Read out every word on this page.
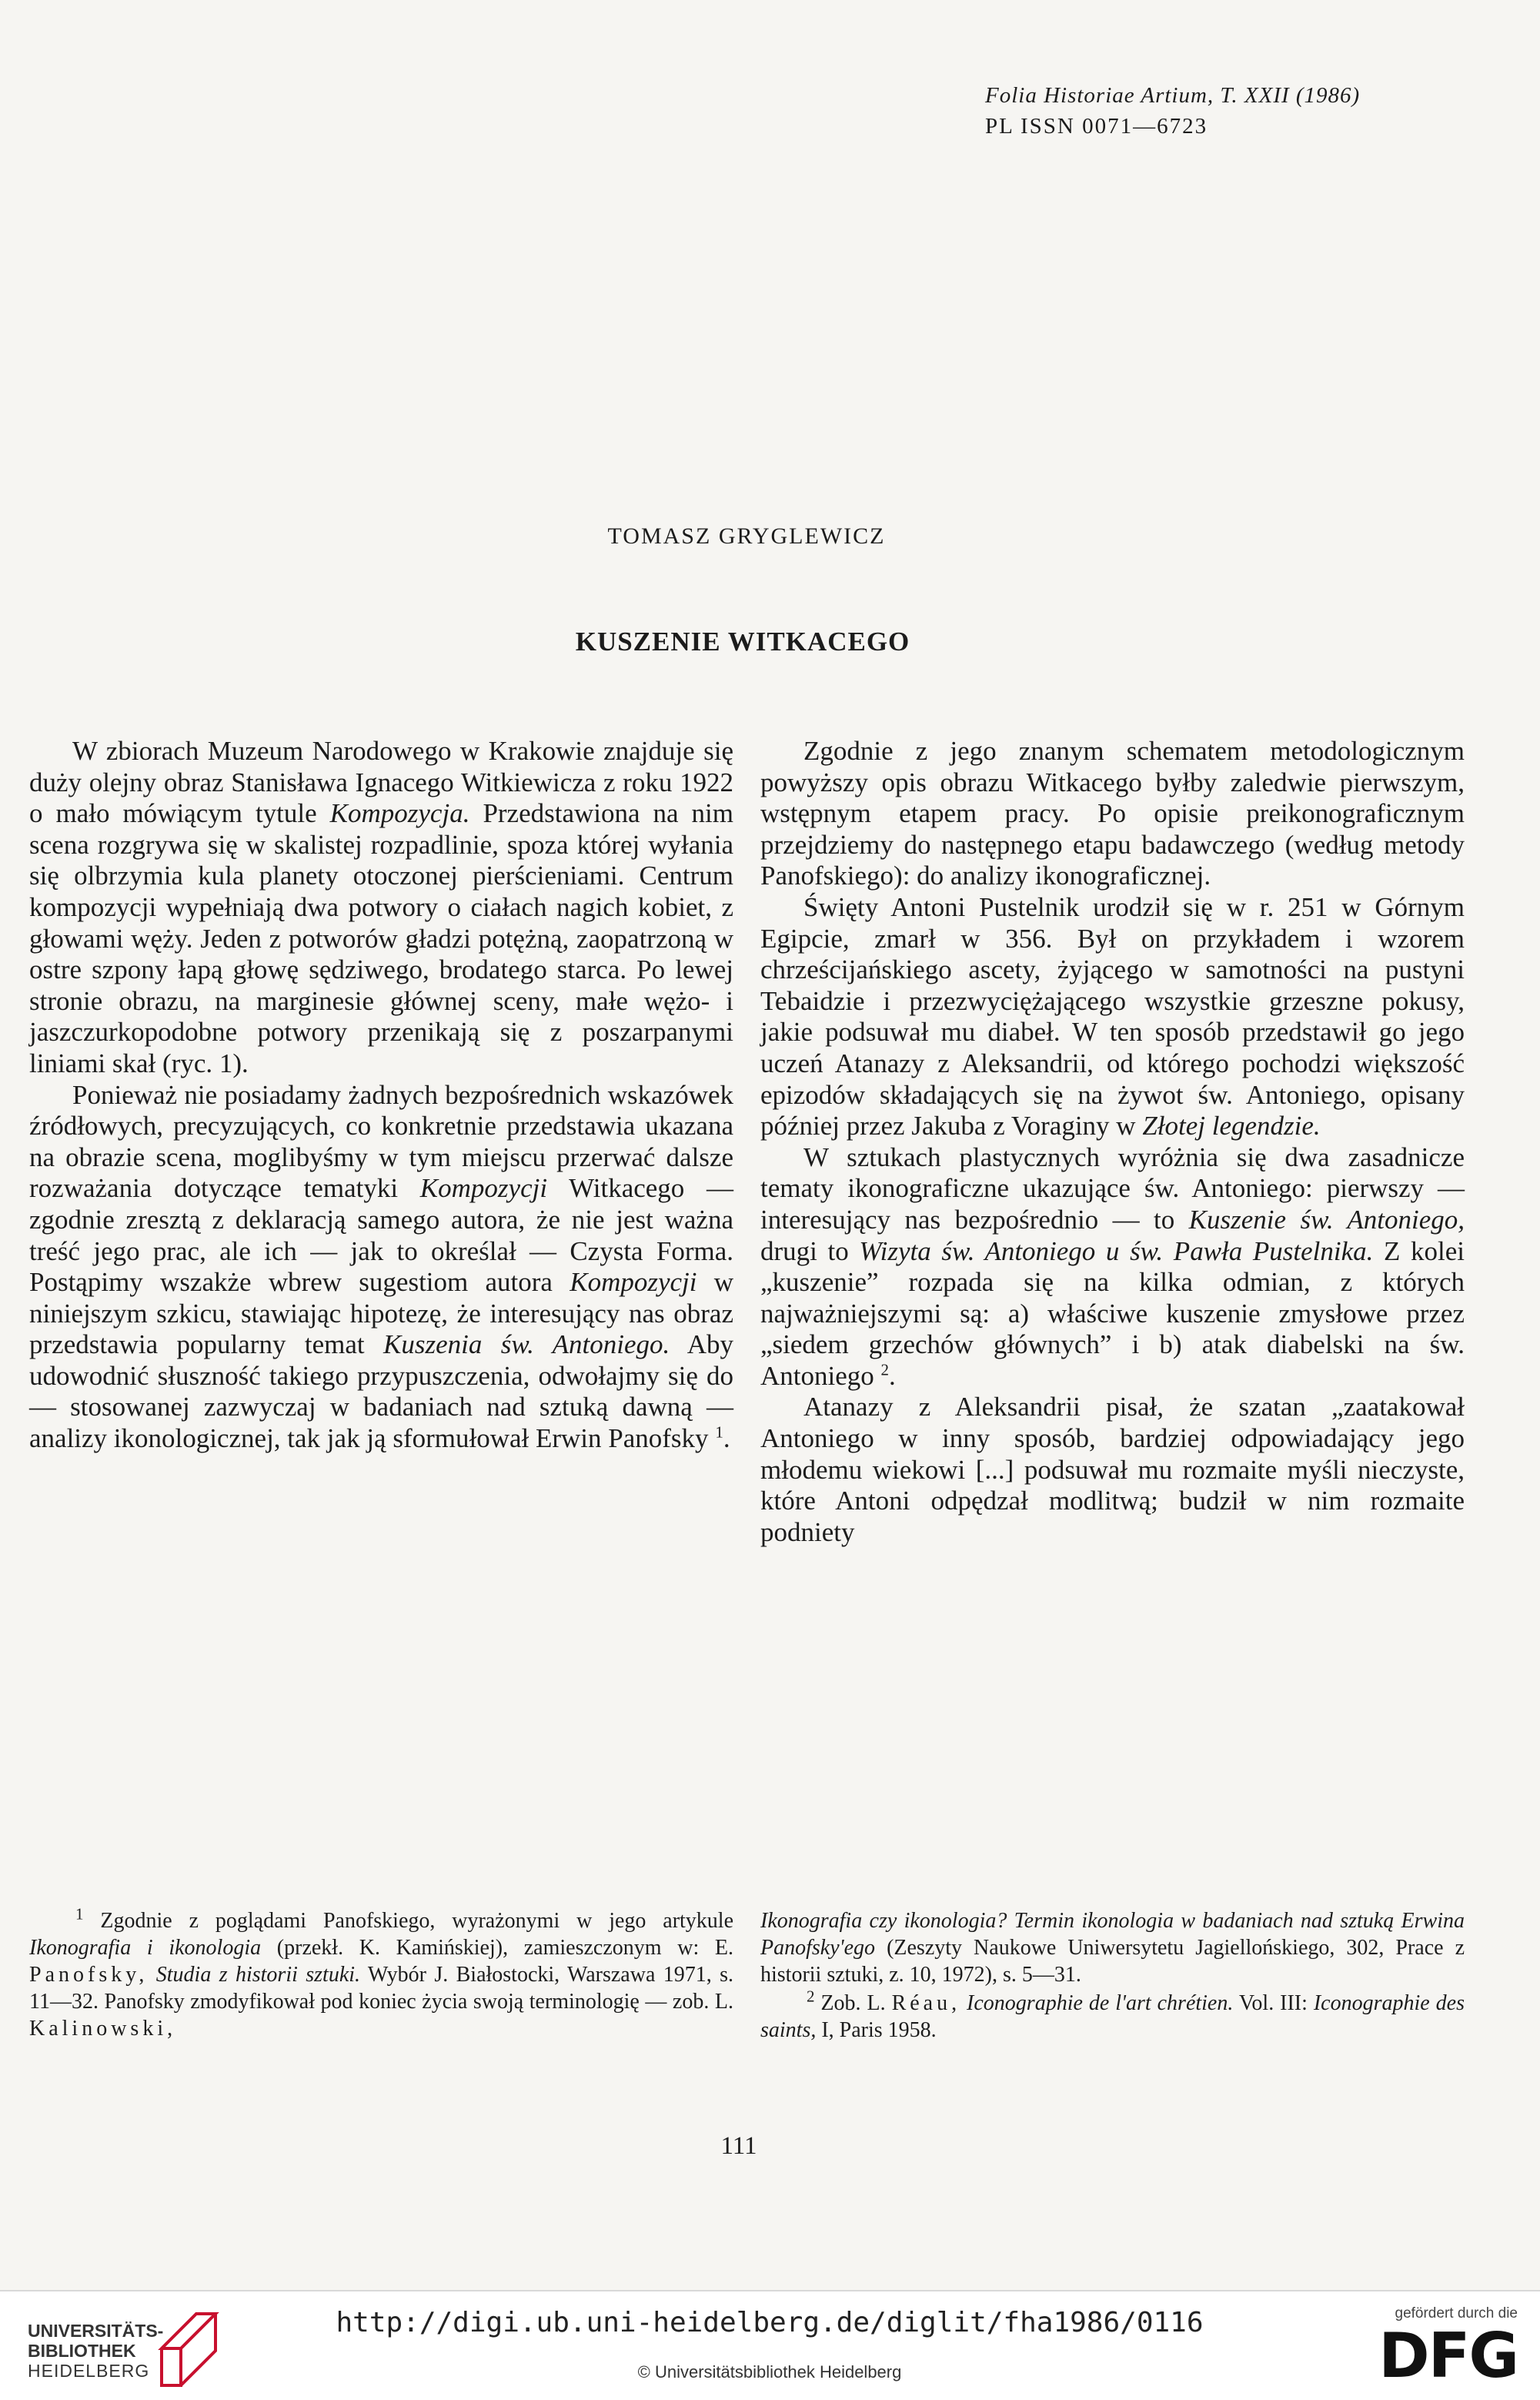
Folia Historiae Artium, T. XXII (1986)
PL ISSN 0071—6723
TOMASZ GRYGLEWICZ
KUSZENIE WITKACEGO

W zbiorach Muzeum Narodowego w Krakowie znajduje się duży olejny obraz Stanisława Ignacego Witkiewicza z roku 1922 o mało mówiącym tytule Kompozycja. Przedstawiona na nim scena rozgrywa się w skalistej rozpadlinie, spoza której wyłania się olbrzymia kula planety otoczonej pierścieniami. Centrum kompozycji wypełniają dwa potwory o ciałach nagich kobiet, z głowami węży. Jeden z potworów gładzi potężną, zaopatrzoną w ostre szpony łapą głowę sędziwego, brodatego starca. Po lewej stronie obrazu, na marginesie głównej sceny, małe wężo- i jaszczurkopodobne potwory przenikają się z poszarpanymi liniami skał (ryc. 1).

Ponieważ nie posiadamy żadnych bezpośrednich wskazówek źródłowych, precyzujących, co konkretnie przedstawia ukazana na obrazie scena, moglibyśmy w tym miejscu przerwać dalsze rozważania dotyczące tematyki Kompozycji Witkacego — zgodnie zresztą z deklaracją samego autora, że nie jest ważna treść jego prac, ale ich — jak to określał — Czysta Forma. Postąpimy wszakże wbrew sugestiom autora Kompozycji w niniejszym szkicu, stawiając hipotezę, że interesujący nas obraz przedstawia popularny temat Kuszenia św. Antoniego. Aby udowodnić słuszność takiego przypuszczenia, odwołajmy się do — stosowanej zazwyczaj w badaniach nad sztuką dawną — analizy ikonologicznej, tak jak ją sformułował Erwin Panofsky $^1$.

Zgodnie z jego znanym schematem metodologicznym powyższy opis obrazu Witkacego byłby zaledwie pierwszym, wstępnym etapem pracy. Po opisie preikonograficznym przejdziemy do następnego etapu badawczego (według metody Panofskiego): do analizy ikonograficznej.

Święty Antoni Pustelnik urodził się w r. 251 w Górnym Egipcie, zmarł w 356. Był on przykładem i wzorem chrześcijańskiego ascety, żyjącego w samotności na pustyni Tebaidzie i przezwyciężającego wszystkie grzeszne pokusy, jakie podsuwał mu diabeł. W ten sposób przedstawił go jego uczeń Atanazy z Aleksandrii, od którego pochodzi większość epizodów składających się na żywot św. Antoniego, opisany później przez Jakuba z Voraginy w Złotej legendzie.

W sztukach plastycznych wyróżnia się dwa zasadnicze tematy ikonograficzne ukazujące św. Antoniego: pierwszy — interesujący nas bezpośrednio — to Kuszenie św. Antoniego, drugi to Wizyta św. Antoniego u św. Pawła Pustelnika. Z kolei „kuszenie” rozpada się na kilka odmian, z których najważniejszymi są: a) właściwe kuszenie zmysłowe przez „siedem grzechów głównych” i b) atak diabelski na św. Antoniego $^2$.

Atanazy z Aleksandrii pisał, że szatan „zaatakował Antoniego w inny sposób, bardziej odpowiadający jego młodemu wiekowi [...] podsuwał mu rozmaite myśli nieczyste, które Antoni odpędzał modlitwą; budził w nim rozmaite podniety

$^1$ Zgodnie z poglądami Panofskiego, wyrażonymi w jego artykule Ikonografia i ikonologia (przekł. K. Kamińskiej), zamieszczonym w: E. Panofsky, Studia z historii sztuki. Wybór J. Białostocki, Warszawa 1971, s. 11—32. Panofsky zmodyfikował pod koniec życia swoją terminologię — zob. L. Kalinowski,

Ikonografia czy ikonologia? Termin ikonologia w badaniach nad sztuką Erwina Panofsky'ego (Zeszyty Naukowe Uniwersytetu Jagiellońskiego, 302, Prace z historii sztuki, z. 10, 1972), s. 5—31.

$^2$ Zob. L. Réau, Iconographie de l'art chrétien. Vol. III: Iconographie des saints, I, Paris 1958.

111
UNIVERSITÄTS-
BIBLIOTHEK
HEIDELBERG
http://digi.ub.uni-heidelberg.de/diglit/fha1986/0116
© Universitätsbibliothek Heidelberg
gefördert durch die
DFG
